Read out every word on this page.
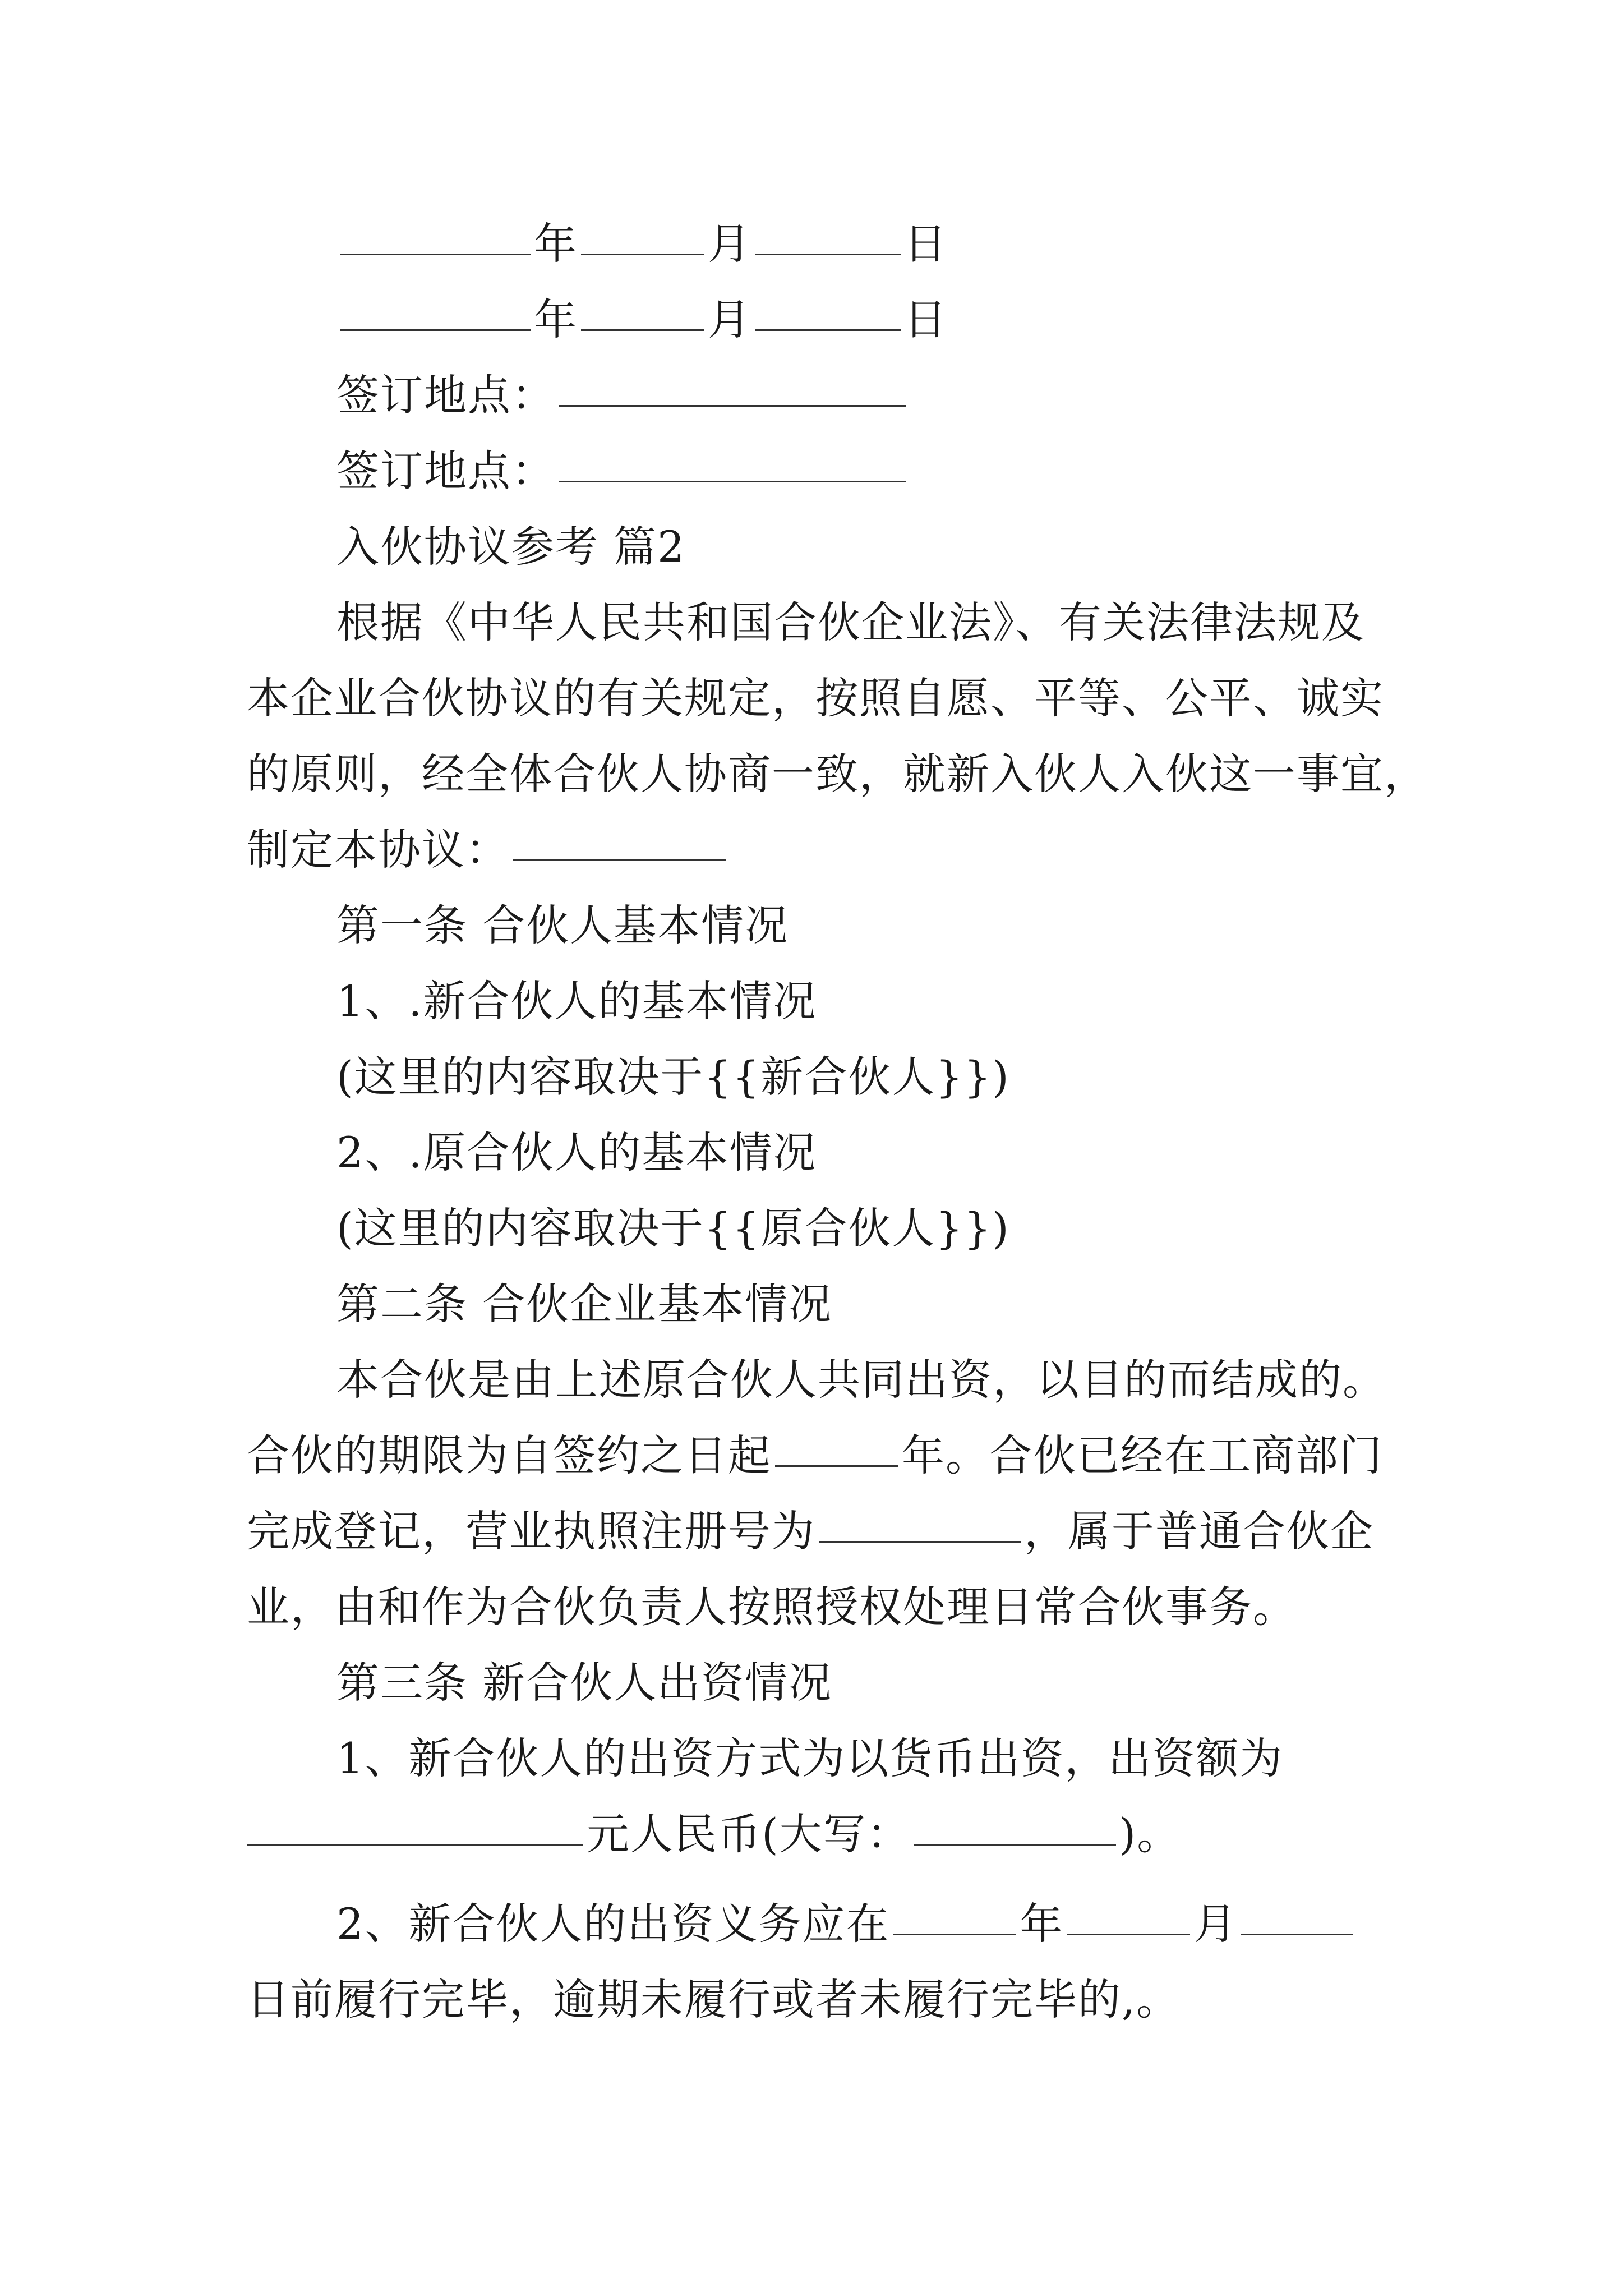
年	月	日
年	月	日
签订地点：
签订地点：
入伙协议参考 篇2
根据《中华人民共和国合伙企业法》、有关法律法规及
本企业合伙协议的有关规定，按照自愿、平等、公平、诚实
的原则，经全体合伙人协商一致，就新入伙人入伙这一事宜，
制定本协议：
第一条 合伙人基本情况
1、.新合伙人的基本情况
(这里的内容取决于{{新合伙人}})
2、.原合伙人的基本情况
(这里的内容取决于{{原合伙人}})
第二条 合伙企业基本情况
本合伙是由上述原合伙人共同出资，以目的而结成的。
合伙的期限为自签约之日起	年。合伙已经在工商部门
完成登记，营业执照注册号为	，属于普通合伙企
业，由和作为合伙负责人按照授权处理日常合伙事务。
第三条 新合伙人出资情况
1、新合伙人的出资方式为以货币出资，出资额为
元人民币(大写：	)。
2、新合伙人的出资义务应在	年	月
日前履行完毕，逾期未履行或者未履行完毕的,。
